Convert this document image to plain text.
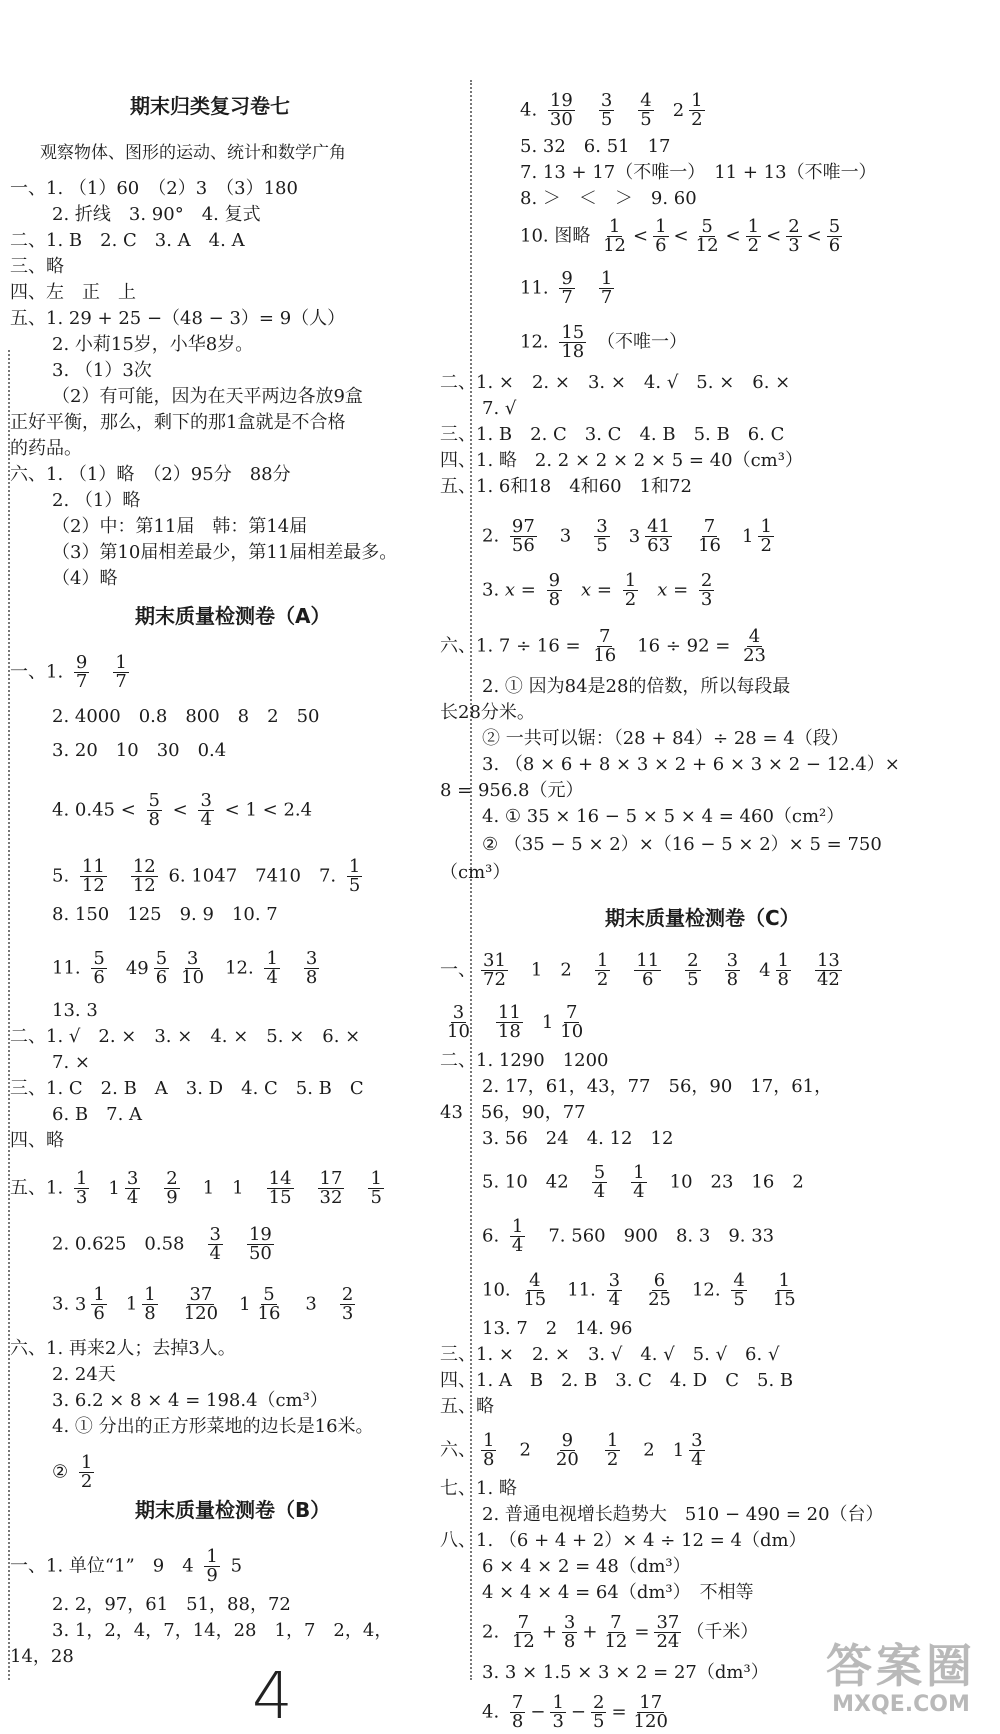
期末归类复习卷七
观察物体、图形的运动、统计和数学广角
一、1. （1）60　（2）3　（3）180
2. 折线　3. 90°　4. 复式
二、1. B　2. C　3. A　4. A
三、略
四、左　正　上
五、1. 29 + 25 −（48 − 3）= 9（人）
2. 小莉15岁，小华8岁。
3. （1）3次
（2）有可能，因为在天平两边各放9盒
正好平衡，那么，剩下的那1盒就是不合格
的药品。
六、1. （1）略　（2）95分　88分
2. （1）略
（2）中：第11届　韩：第14届
（3）第10届相差最少，第11届相差最多。
（4）略
期末质量检测卷（A）
一、1. $\frac{9}{7} \frac{1}{7}$
2. 4000　0.8　800　8　2　50
3. 20　10　30　0.4
4. $0.45 < \frac{5}{8} < \frac{3}{4} < 1 < 2.4$
5. $\frac{11}{12} \frac{12}{12} 6$. 1047　7410　7. $\frac{1}{5}$
8. 150　125　9. 9　10. 7
11. $\frac{5}{6} 49 \frac{5}{6} \frac{3}{10} 12$. $\frac{1}{4} \frac{3}{8}$
13. 3
二、1. √　2. ×　3. ×　4. ×　5. ×　6. ×
7. ×
三、1. C　2. B　A　3. D　4. C　5. B　C
6. B　7. A
四、略
五、1. $\frac{1}{3} 1 \frac{3}{4} \frac{2}{9}$ 　1　1　 $\frac{14}{15} \frac{17}{32} \frac{1}{5}$
2. 0.625　0.58　 $\frac{3}{4} \frac{19}{50}$
3. $3 \frac{1}{6} 1 \frac{1}{8} \frac{37}{120} 1 \frac{5}{16}$ 　3　 $\frac{2}{3}$
六、1. 再来2人；去掉3人。
2. 24天
3. 6.2 × 8 × 4 = 198.4（cm³）
4. ① 分出的正方形菜地的边长是16米。
② $\frac{1}{2}$
期末质量检测卷（B）
一、1. 单位“1”　9　$4 \frac{1}{9} 5$
2. 2，97，61　51，88，72
3. 1，2，4，7，14，28　1，7　2，4，
14，28
4
4. $\frac{19}{30} \frac{3}{5} \frac{4}{5} 2 \frac{1}{2}$
5. 32　6. 51　17
7. 13 + 17（不唯一）　11 + 13（不唯一）
8. ＞　＜　＞　9. 60
10. 图略 $\frac{1}{12} < \frac{1}{6} < \frac{5}{12} < \frac{1}{2} < \frac{2}{3} < \frac{5}{6}$
11. $\frac{9}{7} \frac{1}{7}$
12. $\frac{15}{18}$ （不唯一）
二、1. ×　2. ×　3. ×　4. √　5. ×　6. ×
7. √
三、1. B　2. C　3. C　4. B　5. B　6. C
四、1. 略　2. 2 × 2 × 2 × 5 = 40（cm³）
五、1. 6和18　4和60　1和72
2. $\frac{97}{56}$ 　3　 $\frac{3}{5} 3 \frac{41}{63} \frac{7}{16} 1 \frac{1}{2}$
3. $x = \frac{9}{8}$ $x = \frac{1}{2}$ $x = \frac{2}{3}$
六、1. $7 \div 16 = \frac{7}{16} 16 \div 92 = \frac{4}{23}$
2. ① 因为84是28的倍数，所以每段最
长28分米。
② 一共可以锯：（28 + 84）÷ 28 = 4（段）
3. （8 × 6 + 8 × 3 × 2 + 6 × 3 × 2 − 12.4）×
8 = 956.8（元）
4. ① 35 × 16 − 5 × 5 × 4 = 460（cm²）
② （35 − 5 × 2）×（16 − 5 × 2）× 5 = 750
（cm³）
期末质量检测卷（C）
一、 $\frac{31}{72}$ 　1　2　 $\frac{1}{2} \frac{11}{6} \frac{2}{5} \frac{3}{8} 4 \frac{1}{8} \frac{13}{42}$
$\frac{3}{10} \frac{11}{18} 1 \frac{7}{10}$
二、1. 1290　1200
2. 17，61，43，77　56，90　17，61，
43　56，90，77
3. 56　24　4. 12　12
5. 10　42　 $\frac{5}{4} \frac{1}{4}$ 　10　23　16　2
6. $\frac{1}{4}$ 　7. 560　900　8. 3　9. 33
10. $\frac{4}{15} 11$. $\frac{3}{4} \frac{6}{25} 12$. $\frac{4}{5} \frac{1}{15}$
13. 7　2　14. 96
三、1. ×　2. ×　3. √　4. √　5. √　6. √
四、1. A　B　2. B　3. C　4. D　C　5. B
五、略
六、 $\frac{1}{8}$ 　2　 $\frac{9}{20} \frac{1}{2}$ 　2　$1 \frac{3}{4}$
七、1. 略
2. 普通电视增长趋势大　510 − 490 = 20（台）
八、1. （6 + 4 + 2）× 4 ÷ 12 = 4（dm）
6 × 4 × 2 = 48（dm³）
4 × 4 × 4 = 64（dm³）　不相等
2. $\frac{7}{12} + \frac{3}{8} + \frac{7}{12} = \frac{37}{24}$ （千米）
3. 3 × 1.5 × 3 × 2 = 27（dm³）
4. $\frac{7}{8} - \frac{1}{3} - \frac{2}{5} = \frac{17}{120}$
答案圈
MXQE.COM
